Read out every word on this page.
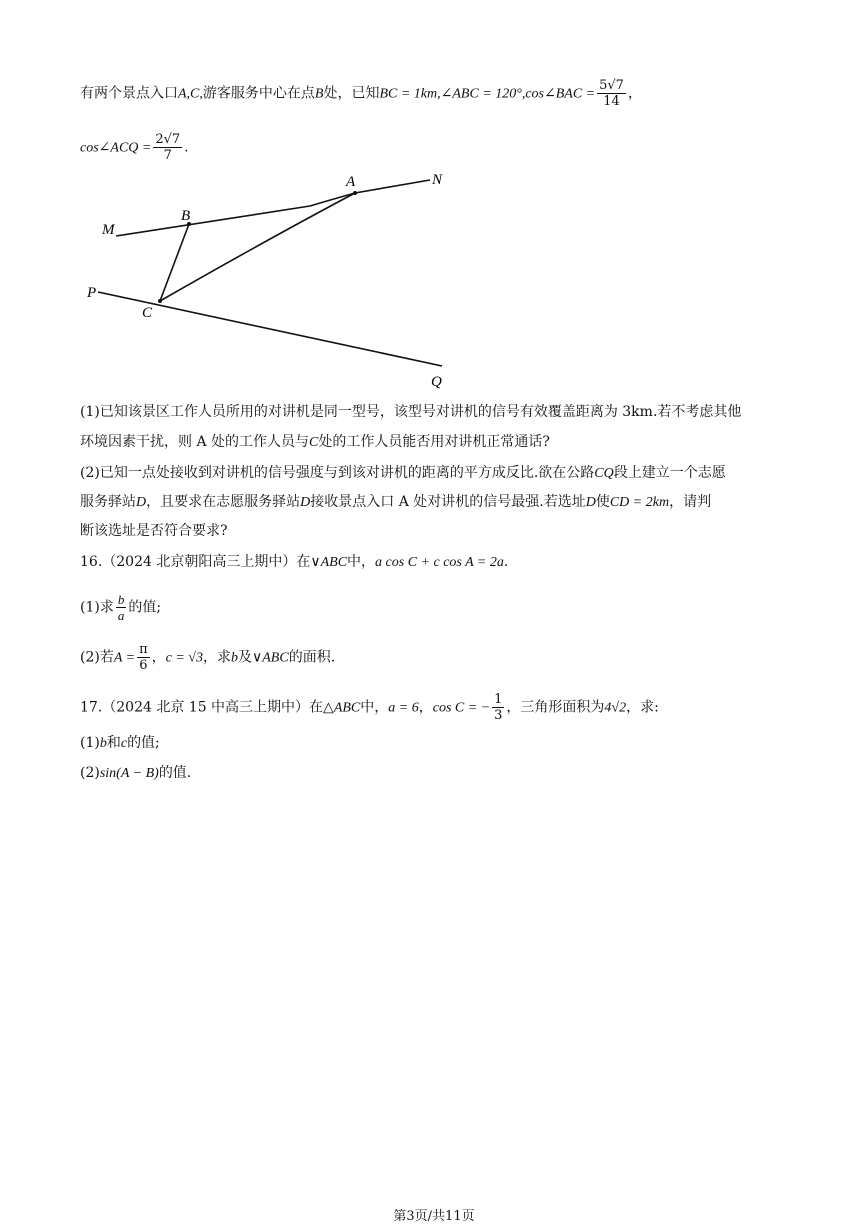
有两个景点入口A,C,游客服务中心在点B处，已知BC = 1km,∠ABC = 120°,cos∠BAC = $\frac{5√7}{14}$ ，
cos∠ACQ = $\frac{2√7}{7}$ .
A	N
B
M
P
C
Q
(1)已知该景区工作人员所用的对讲机是同一型号，该型号对讲机的信号有效覆盖距离为 3km.若不考虑其他
环境因素干扰，则 A 处的工作人员与C处的工作人员能否用对讲机正常通话?
(2)已知一点处接收到对讲机的信号强度与到该对讲机的距离的平方成反比.欲在公路CQ段上建立一个志愿
服务驿站D，且要求在志愿服务驿站D接收景点入口 A 处对讲机的信号最强.若选址D使CD = 2km，请判
断该选址是否符合要求?
16.（2024 北京朝阳高三上期中）在∨ABC中，a cos C + c cos A = 2a.
(1)求 $\frac{b}{a}$ 的值;
(2)若$A = \frac{\pi}{6}$ ，c = √3，求b及∨ABC的面积.
17.（2024 北京 15 中高三上期中）在△ABC中，a = 6，cos C = − $\frac{1}{3}$ ，三角形面积为4√2，求:
(1)b和c的值;
(2)sin(A − B)的值.
第3页/共11页
